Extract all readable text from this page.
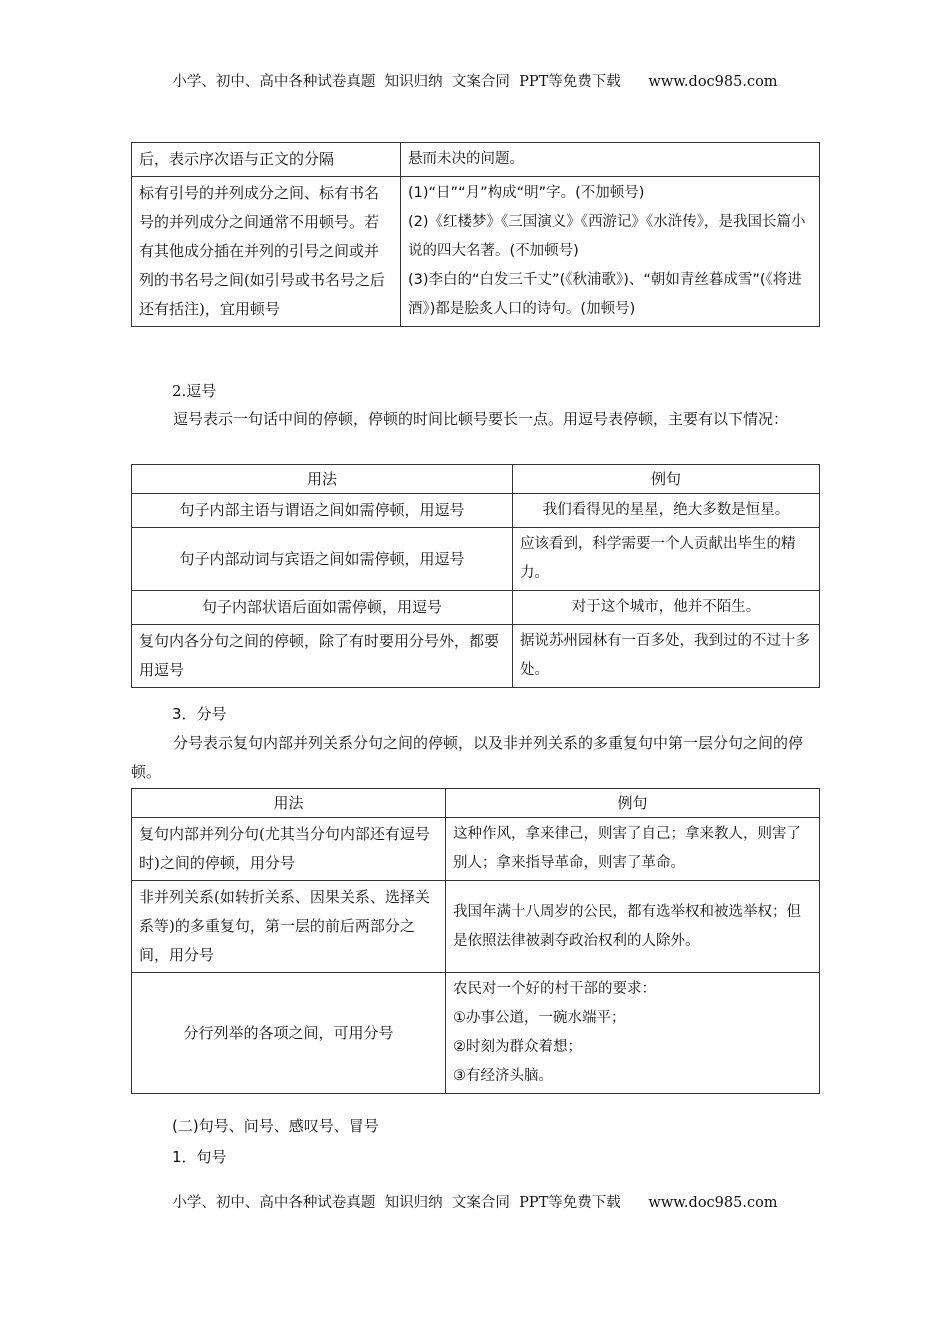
小学、初中、高中各种试卷真题  知识归纳  文案合同  PPT等免费下载      www.doc985.com
后，表示序次语与正文的分隔	悬而未决的问题。

标有引号的并列成分之间、标有书名号的并列成分之间通常不用顿号。若有其他成分插在并列的引号之间或并列的书名号之间(如引号或书名号之后还有括注)，宜用顿号	(1)“日”“月”构成“明”字。(不加顿号)
(2)《红楼梦》《三国演义》《西游记》《水浒传》，是我国长篇小说的四大名著。(不加顿号)
(3)李白的“白发三千丈”(《秋浦歌》)、“朝如青丝暮成雪”(《将进酒》)都是脍炙人口的诗句。(加顿号)
2.逗号
逗号表示一句话中间的停顿，停顿的时间比顿号要长一点。用逗号表停顿，主要有以下情况：
用法	例句
句子内部主语与谓语之间如需停顿，用逗号	我们看得见的星星，绝大多数是恒星。
句子内部动词与宾语之间如需停顿，用逗号	应该看到，科学需要一个人贡献出毕生的精力。
句子内部状语后面如需停顿，用逗号	对于这个城市，他并不陌生。
复句内各分句之间的停顿，除了有时要用分号外，都要用逗号	据说苏州园林有一百多处，我到过的不过十多处。
3．分号
分号表示复句内部并列关系分句之间的停顿，以及非并列关系的多重复句中第一层分句之间的停顿。
用法	例句
复句内部并列分句(尤其当分句内部还有逗号时)之间的停顿，用分号	这种作风，拿来律己，则害了自己；拿来教人，则害了别人；拿来指导革命，则害了革命。

非并列关系(如转折关系、因果关系、选择关系等)的多重复句，第一层的前后两部分之间，用分号	我国年满十八周岁的公民，都有选举权和被选举权；但是依照法律被剥夺政治权利的人除外。

分行列举的各项之间，可用分号	农民对一个好的村干部的要求：
①办事公道，一碗水端平；
②时刻为群众着想；
③有经济头脑。
(二)句号、问号、感叹号、冒号
1．句号
小学、初中、高中各种试卷真题  知识归纳  文案合同  PPT等免费下载      www.doc985.com
